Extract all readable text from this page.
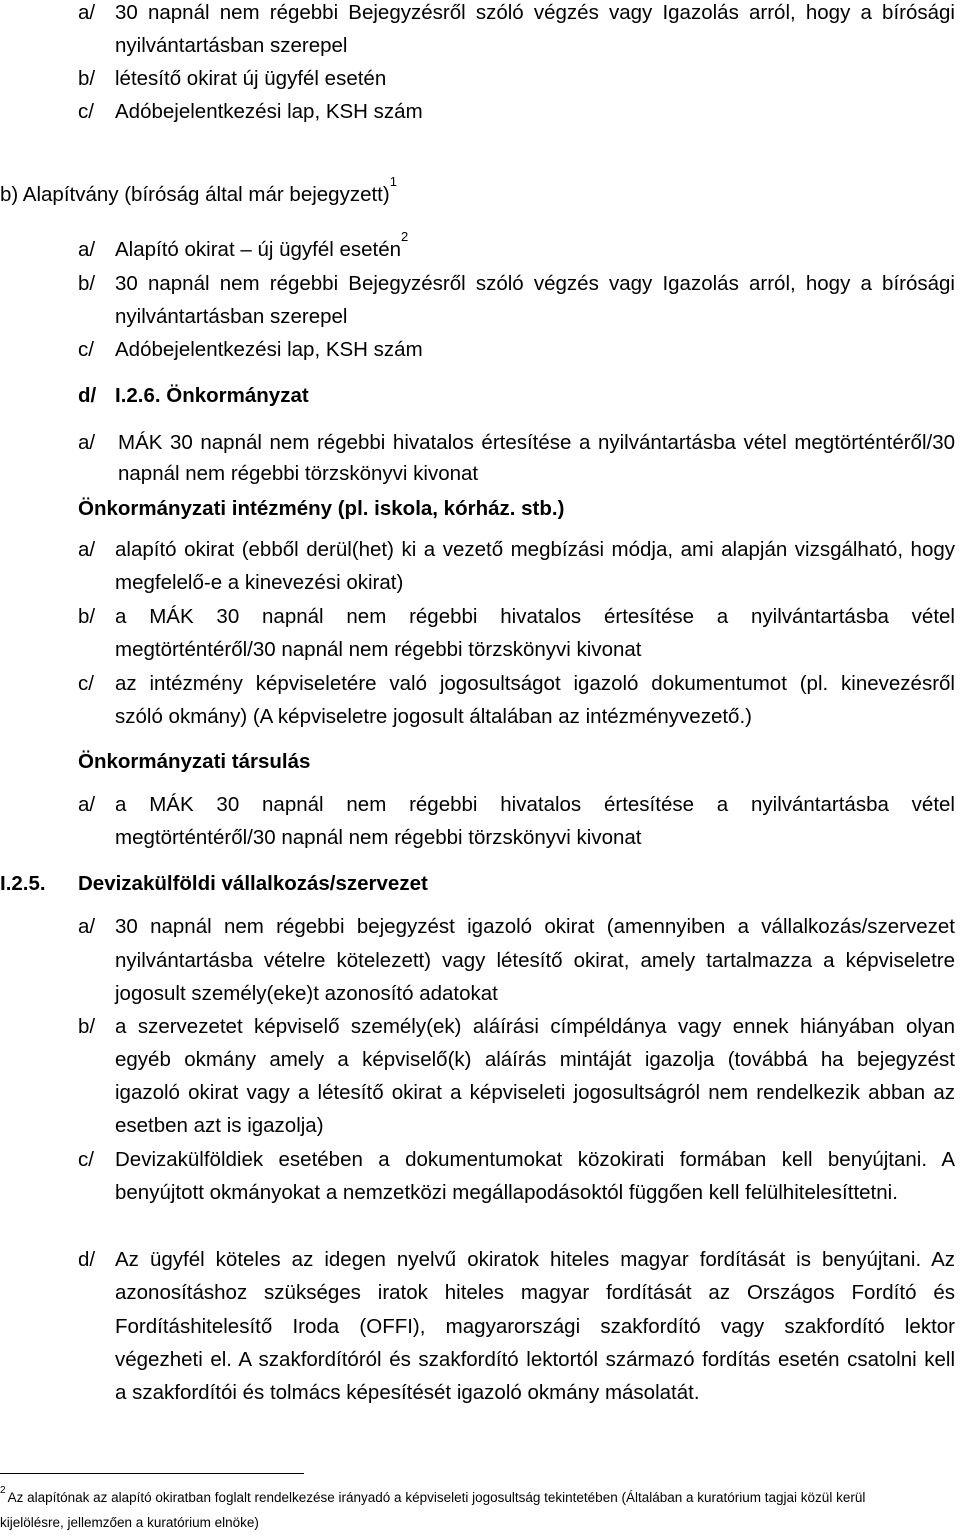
a/ 30 napnál nem régebbi Bejegyzésről szóló végzés vagy Igazolás arról, hogy a bírósági
nyilvántartásban szerepel
b/ létesítő okirat új ügyfél esetén
c/ Adóbejelentkezési lap, KSH szám
b) Alapítvány (bíróság által már bejegyzett)$^1$
a/ Alapító okirat – új ügyfél esetén$^2$
b/ 30 napnál nem régebbi Bejegyzésről szóló végzés vagy Igazolás arról, hogy a bírósági
nyilvántartásban szerepel
c/ Adóbejelentkezési lap, KSH szám
d/ I.2.6. Önkormányzat
a/ MÁK 30 napnál nem régebbi hivatalos értesítése a nyilvántartásba vétel megtörténtéről/30
napnál nem régebbi törzskönyvi kivonat
Önkormányzati intézmény (pl. iskola, kórház. stb.)
a/ alapító okirat (ebből derül(het) ki a vezető megbízási módja, ami alapján vizsgálható, hogy
megfelelő-e a kinevezési okirat)
b/ a MÁK 30 napnál nem régebbi hivatalos értesítése a nyilvántartásba vétel
megtörténtéről/30 napnál nem régebbi törzskönyvi kivonat
c/ az intézmény képviseletére való jogosultságot igazoló dokumentumot (pl. kinevezésről
szóló okmány) (A képviseletre jogosult általában az intézményvezető.)
Önkormányzati társulás
a/ a MÁK 30 napnál nem régebbi hivatalos értesítése a nyilvántartásba vétel
megtörténtéről/30 napnál nem régebbi törzskönyvi kivonat
I.2.5. Devizakülföldi vállalkozás/szervezet
a/ 30 napnál nem régebbi bejegyzést igazoló okirat (amennyiben a vállalkozás/szervezet
nyilvántartásba vételre kötelezett) vagy létesítő okirat, amely tartalmazza a képviseletre
jogosult személy(eke)t azonosító adatokat
b/ a szervezetet képviselő személy(ek) aláírási címpéldánya vagy ennek hiányában olyan
egyéb okmány amely a képviselő(k) aláírás mintáját igazolja (továbbá ha bejegyzést
igazoló okirat vagy a létesítő okirat a képviseleti jogosultságról nem rendelkezik abban az
esetben azt is igazolja)
c/ Devizakülföldiek esetében a dokumentumokat közokirati formában kell benyújtani. A
benyújtott okmányokat a nemzetközi megállapodásoktól függően kell felülhitelesíttetni.
d/ Az ügyfél köteles az idegen nyelvű okiratok hiteles magyar fordítását is benyújtani. Az
azonosításhoz szükséges iratok hiteles magyar fordítását az Országos Fordító és
Fordításhitelesítő Iroda (OFFI), magyarországi szakfordító vagy szakfordító lektor
végezheti el. A szakfordítóról és szakfordító lektortól származó fordítás esetén csatolni kell
a szakfordítói és tolmács képesítését igazoló okmány másolatát.
$^2$ Az alapítónak az alapító okiratban foglalt rendelkezése irányadó a képviseleti jogosultság tekintetében (Általában a kuratórium tagjai közül kerül
kijelölésre, jellemzően a kuratórium elnöke)
